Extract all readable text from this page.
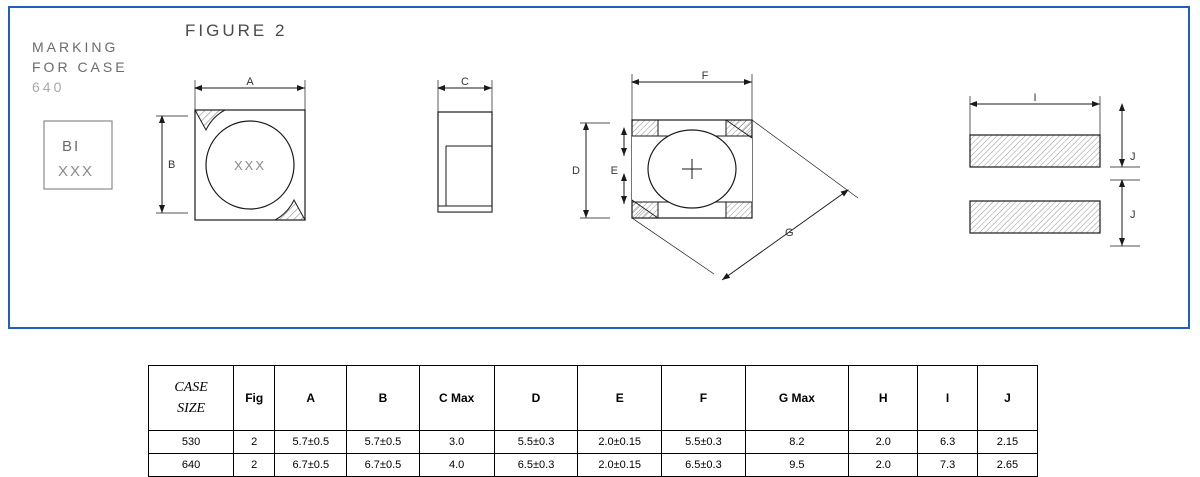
FIGURE 2
MARKING
FOR CASE
640
BI
XXX
A
B	XXX
C	F
D	E
G
I
J
J
CASE
SIZE	Fig	A	B	C Max	D	E	F	G Max	H	I	J
530	2	5.7±0.5	5.7±0.5	3.0	5.5±0.3	2.0±0.15	5.5±0.3	8.2	2.0	6.3	2.15
640	2	6.7±0.5	6.7±0.5	4.0	6.5±0.3	2.0±0.15	6.5±0.3	9.5	2.0	7.3	2.65
